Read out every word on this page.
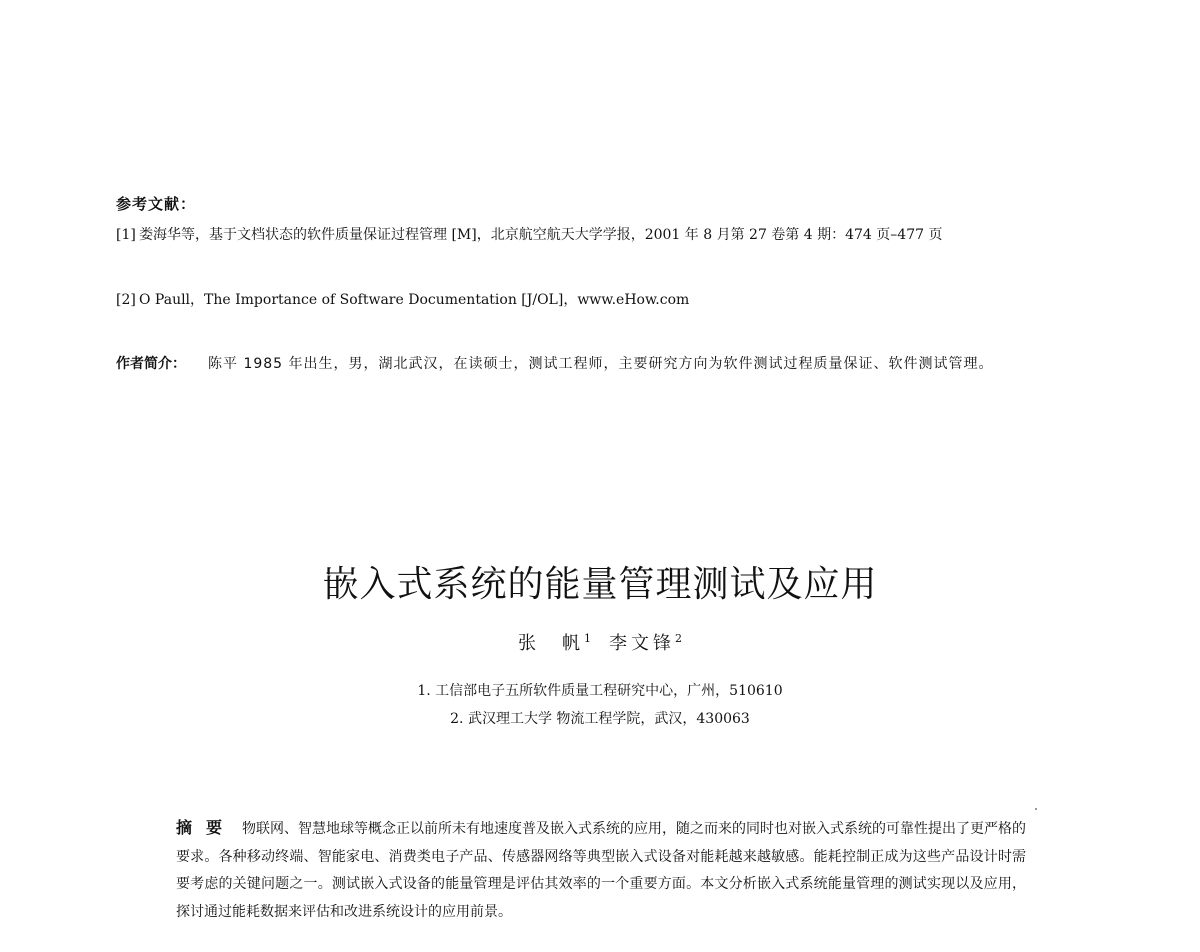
参考文献：
[1] 娄海华等，基于文档状态的软件质量保证过程管理 [M]，北京航空航天大学学报，2001 年 8 月第 27 卷第 4 期：474 页–477 页
[2] O Paull，The Importance of Software Documentation [J/OL]，www.eHow.com
作者简介：	陈平 1985 年出生，男，湖北武汉，在读硕士，测试工程师，主要研究方向为软件测试过程质量保证、软件测试管理。
嵌入式系统的能量管理测试及应用
张　帆$^1$ 李文锋$^2$
1. 工信部电子五所软件质量工程研究中心，广州，510610
2. 武汉理工大学 物流工程学院，武汉，430063
摘要 物联网、智慧地球等概念正以前所未有地速度普及嵌入式系统的应用，随之而来的同时也对嵌入式系统的可靠性提出了更严格的要求。各种移动终端、智能家电、消费类电子产品、传感器网络等典型嵌入式设备对能耗越来越敏感。能耗控制正成为这些产品设计时需要考虑的关键问题之一。测试嵌入式设备的能量管理是评估其效率的一个重要方面。本文分析嵌入式系统能量管理的测试实现以及应用，探讨通过能耗数据来评估和改进系统设计的应用前景。
